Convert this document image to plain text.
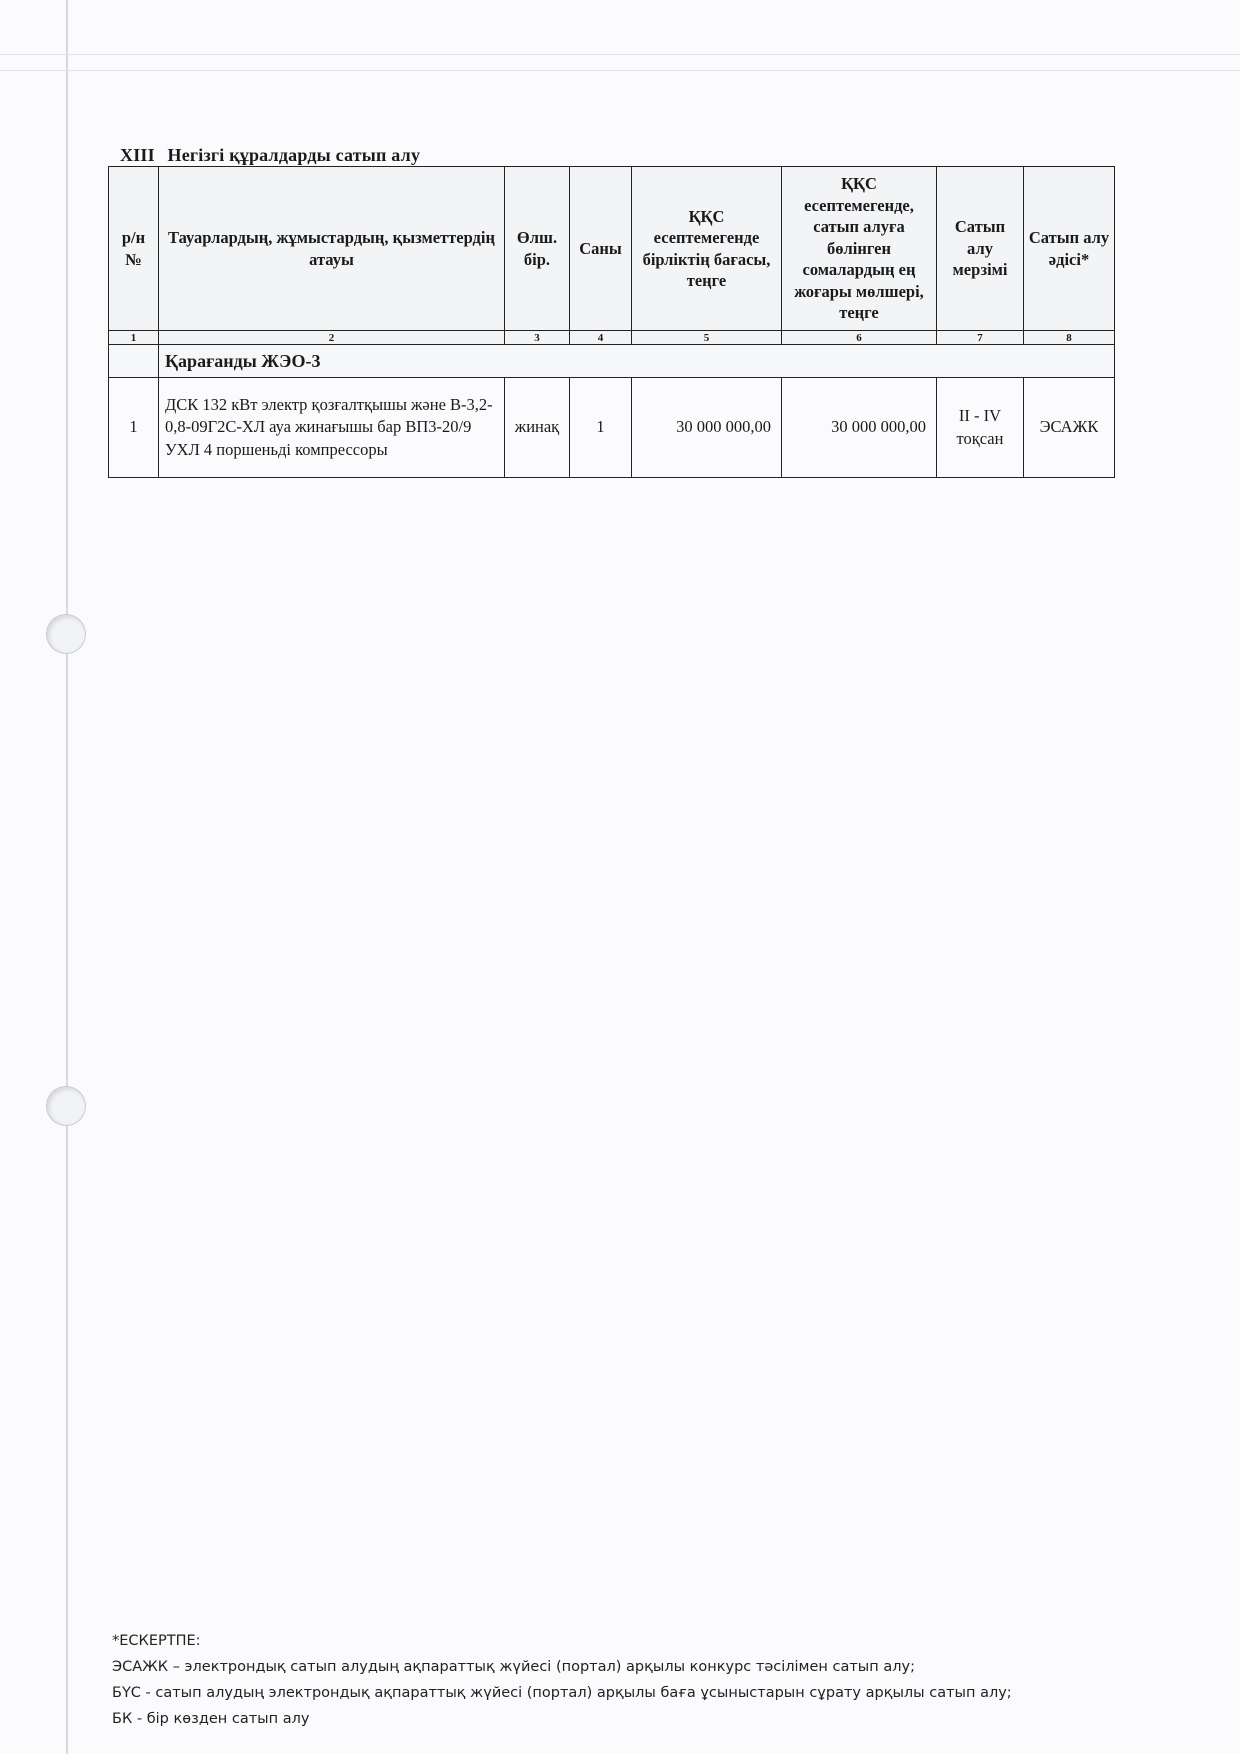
XIII Негізгі құралдарды сатып алу
р/н №	Тауарлардың, жұмыстардың, қызметтердің атауы	Өлш. бір.	Саны	ҚҚС есептемегенде бірліктің бағасы, теңге	ҚҚС есептемегенде, сатып алуға бөлінген сомалардың ең жоғары мөлшері, теңге	Сатып алу мерзімі	Сатып алу әдісі*
1	2	3	4	5	6	7	8
	Қарағанды ЖЭО-3						
1	ДСК 132 кВт электр қозғалтқышы және В-3,2-0,8-09Г2С-ХЛ ауа жинағышы бар ВП3-20/9 УХЛ 4 поршеньді компрессоры	жинақ	1	30 000 000,00	30 000 000,00	II - IV тоқсан	ЭСАЖК
*ЕСКЕРТПЕ:
ЭСАЖК – электрондық сатып алудың ақпараттық жүйесі (портал) арқылы конкурс тәсілімен сатып алу;
БҮС - сатып алудың электрондық ақпараттық жүйесі (портал) арқылы баға ұсыныстарын сұрату арқылы сатып алу;
БК - бір көзден сатып алу
